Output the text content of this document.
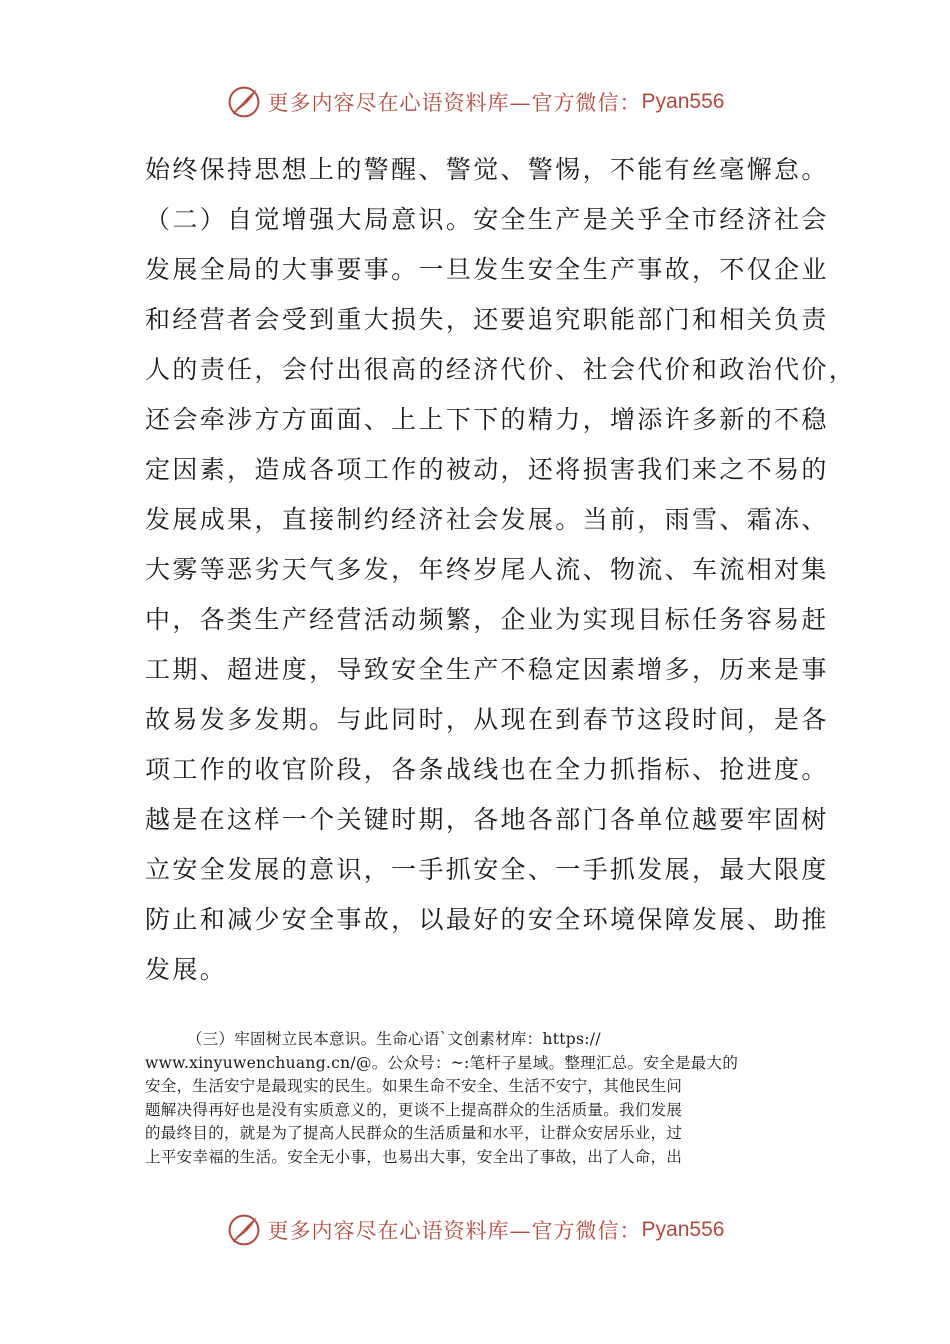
更多内容尽在心语资料库—官方微信： Pyan556
始终保持思想上的警醒、警觉、警惕，不能有丝毫懈怠。
（二）自觉增强大局意识。安全生产是关乎全市经济社会
发展全局的大事要事。一旦发生安全生产事故，不仅企业
和经营者会受到重大损失，还要追究职能部门和相关负责
人的责任，会付出很高的经济代价、社会代价和政治代价，
还会牵涉方方面面、上上下下的精力，增添许多新的不稳
定因素，造成各项工作的被动，还将损害我们来之不易的
发展成果，直接制约经济社会发展。当前，雨雪、霜冻、
大雾等恶劣天气多发，年终岁尾人流、物流、车流相对集
中，各类生产经营活动频繁，企业为实现目标任务容易赶
工期、超进度，导致安全生产不稳定因素增多，历来是事
故易发多发期。与此同时，从现在到春节这段时间，是各
项工作的收官阶段，各条战线也在全力抓指标、抢进度。
越是在这样一个关键时期，各地各部门各单位越要牢固树
立安全发展的意识，一手抓安全、一手抓发展，最大限度
防止和减少安全事故，以最好的安全环境保障发展、助推
发展。
（三）牢固树立民本意识。生命心语`文创素材库：https://
www.xinyuwenchuang.cn/@。公众号：~:笔杆子星域。整理汇总。安全是最大的
安全，生活安宁是最现实的民生。如果生命不安全、生活不安宁，其他民生问
题解决得再好也是没有实质意义的，更谈不上提高群众的生活质量。我们发展
的最终目的，就是为了提高人民群众的生活质量和水平，让群众安居乐业，过
上平安幸福的生活。安全无小事，也易出大事，安全出了事故，出了人命，出
更多内容尽在心语资料库—官方微信： Pyan556
